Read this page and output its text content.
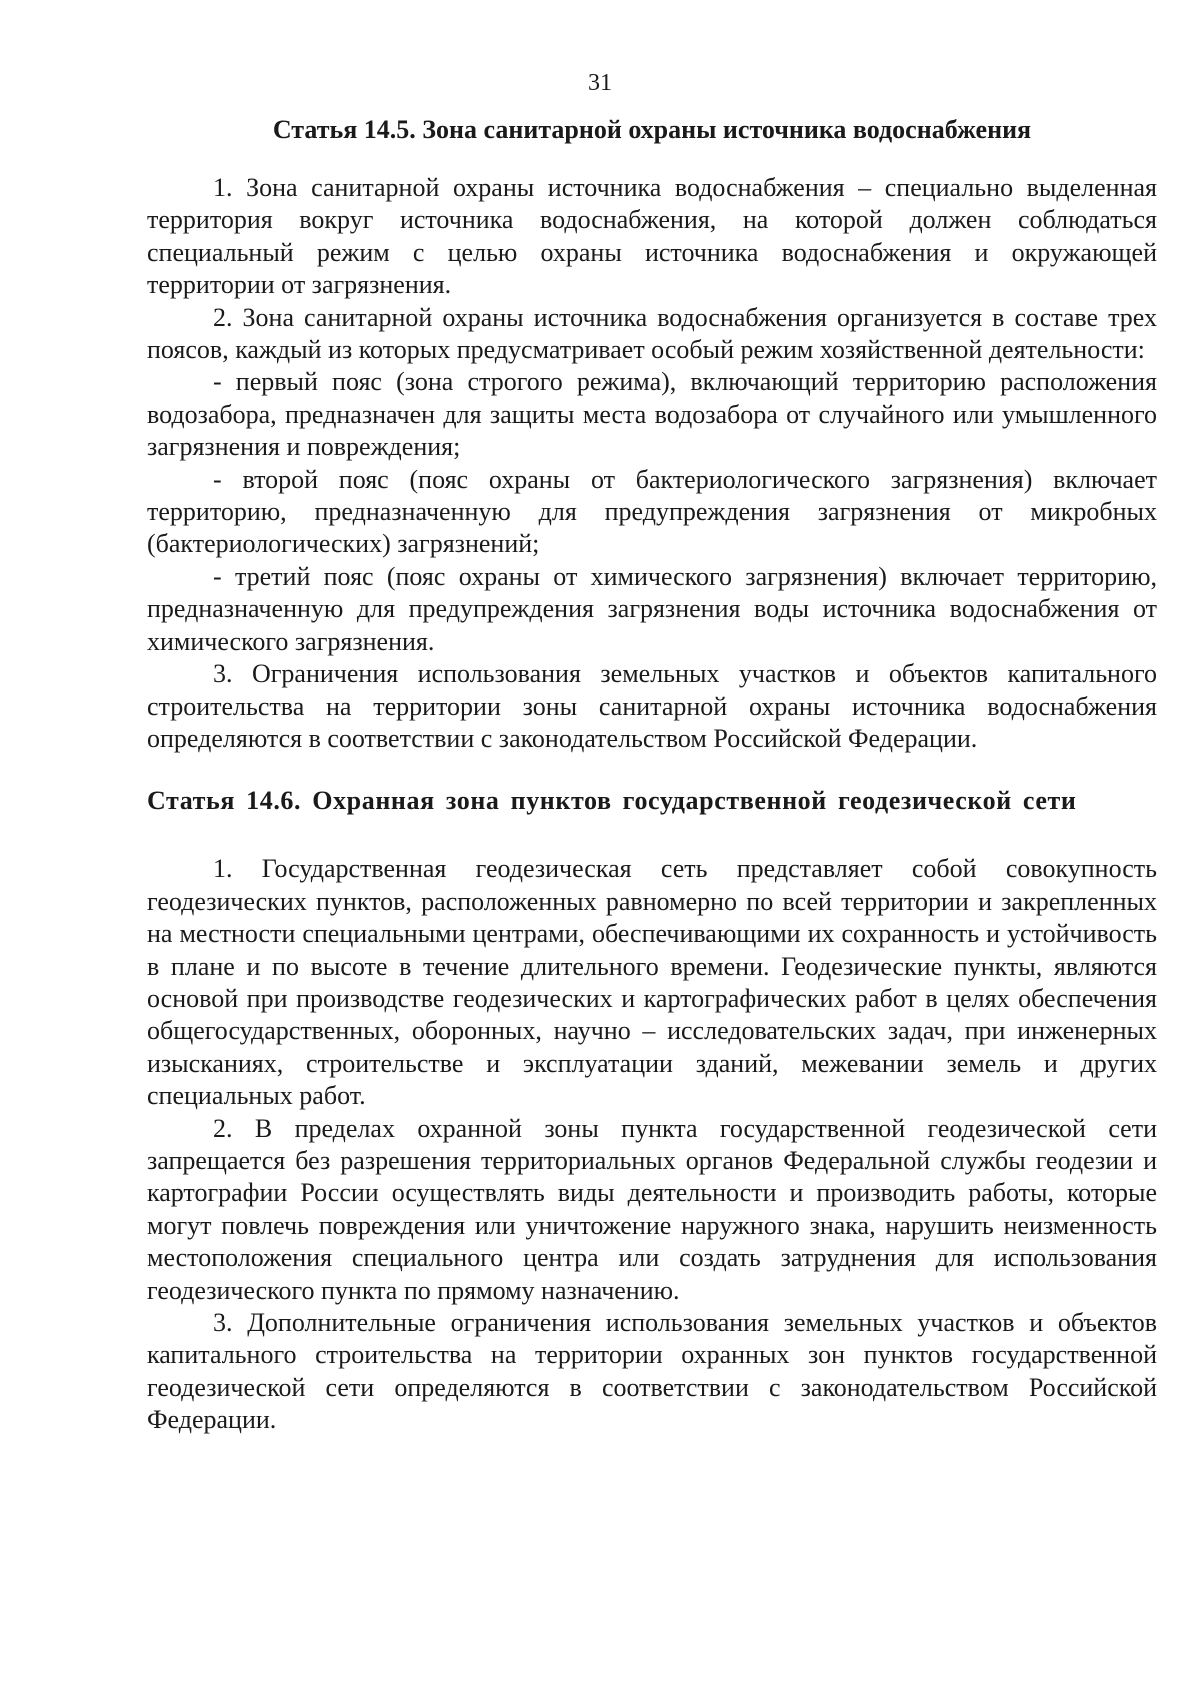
31
Статья 14.5. Зона санитарной охраны источника водоснабжения

1. Зона санитарной охраны источника водоснабжения – специально выделенная территория вокруг источника водоснабжения, на которой должен соблюдаться специальный режим с целью охраны источника водоснабжения и окружающей территории от загрязнения.

2. Зона санитарной охраны источника водоснабжения организуется в составе трех поясов, каждый из которых предусматривает особый режим хозяйственной деятельности:

- первый пояс (зона строгого режима), включающий территорию расположения водозабора, предназначен для защиты места водозабора от случайного или умышленного загрязнения и повреждения;

- второй пояс (пояс охраны от бактериологического загрязнения) включает территорию, предназначенную для предупреждения загрязнения от микробных (бактериологических) загрязнений;

- третий пояс (пояс охраны от химического загрязнения) включает территорию, предназначенную для предупреждения загрязнения воды источника водоснабжения от химического загрязнения.

3. Ограничения использования земельных участков и объектов капитального строительства на территории зоны санитарной охраны источника водоснабжения определяются в соответствии с законодательством Российской Федерации.

Статья 14.6. Охранная зона пунктов государственной геодезической сети

1. Государственная геодезическая сеть представляет собой совокупность геодезических пунктов, расположенных равномерно по всей территории и закрепленных на местности специальными центрами, обеспечивающими их сохранность и устойчивость в плане и по высоте в течение длительного времени. Геодезические пункты, являются основой при производстве геодезических и картографических работ в целях обеспечения общегосударственных, оборонных, научно – исследовательских задач, при инженерных изысканиях, строительстве и эксплуатации зданий, межевании земель и других специальных работ.

2. В пределах охранной зоны пункта государственной геодезической сети запрещается без разрешения территориальных органов Федеральной службы геодезии и картографии России осуществлять виды деятельности и производить работы, которые могут повлечь повреждения или уничтожение наружного знака, нарушить неизменность местоположения специального центра или создать затруднения для использования геодезического пункта по прямому назначению.

3. Дополнительные ограничения использования земельных участков и объектов капитального строительства на территории охранных зон пунктов государственной геодезической сети определяются в соответствии с законодательством Российской Федерации.
